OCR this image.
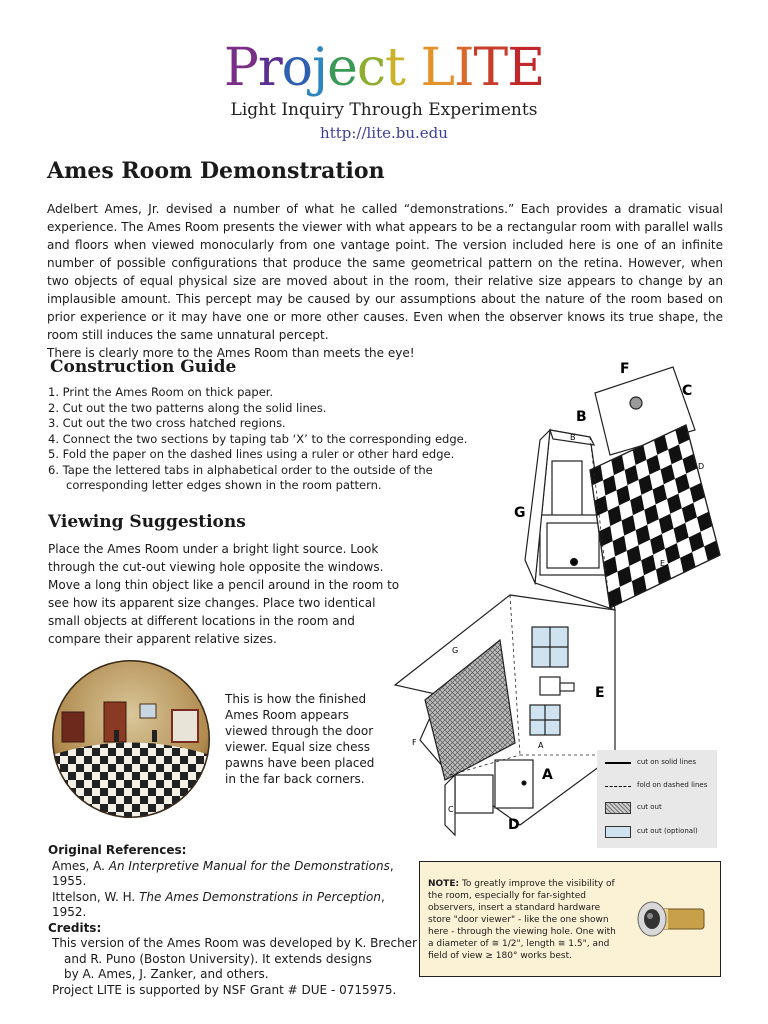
Project LITE
Light Inquiry Through Experiments
http://lite.bu.edu
Ames Room Demonstration

Adelbert Ames, Jr. devised a number of what he called “demonstrations.” Each provides a dramatic visual experience. The Ames Room presents the viewer with what appears to be a rectangular room with parallel walls and floors when viewed monocularly from one vantage point. The version included here is one of an infinite number of possible configurations that produce the same geometrical pattern on the retina. However, when two objects of equal physical size are moved about in the room, their relative size appears to change by an implausible amount. This percept may be caused by our assumptions about the nature of the room based on prior experience or it may have one or more other causes. Even when the observer knows its true shape, the room still induces the same unnatural percept.

There is clearly more to the Ames Room than meets the eye!

Construction Guide
1. Print the Ames Room on thick paper.
2. Cut out the two patterns along the solid lines.
3. Cut out the two cross hatched regions.
4. Connect the two sections by taping tab ‘X’ to the corresponding edge.
5. Fold the paper on the dashed lines using a ruler or other hard edge.
6. Tape the lettered tabs in alphabetical order to the outside of the corresponding letter edges shown in the room pattern.
Viewing Suggestions

Place the Ames Room under a bright light source. Look through the cut-out viewing hole opposite the windows. Move a long thin object like a pencil around in the room to see how its apparent size changes. Place two identical small objects at different locations in the room and compare their apparent relative sizes.

This is how the finished Ames Room appears viewed through the door viewer. Equal size chess pawns have been placed in the far back corners.
Original References:
Ames, A. An Interpretive Manual for the Demonstrations, 1955.
Ittelson, W. H. The Ames Demonstrations in Perception, 1952.
Credits:
This version of the Ames Room was developed by K. Brecher
and R. Puno (Boston University). It extends designs
by A. Ames, J. Zanker, and others.
Project LITE is supported by NSF Grant # DUE - 0715975.
F
C
B
G
E
A
D
B
D
E
G
F	A
C
cut on solid lines
fold on dashed lines
cut out
cut out (optional)
NOTE: To greatly improve the visibility of the room, especially for far-sighted observers, insert a standard hardware store "door viewer" - like the one shown here - through the viewing hole. One with a diameter of ≅ 1/2", length ≅ 1.5", and field of view ≥ 180° works best.
